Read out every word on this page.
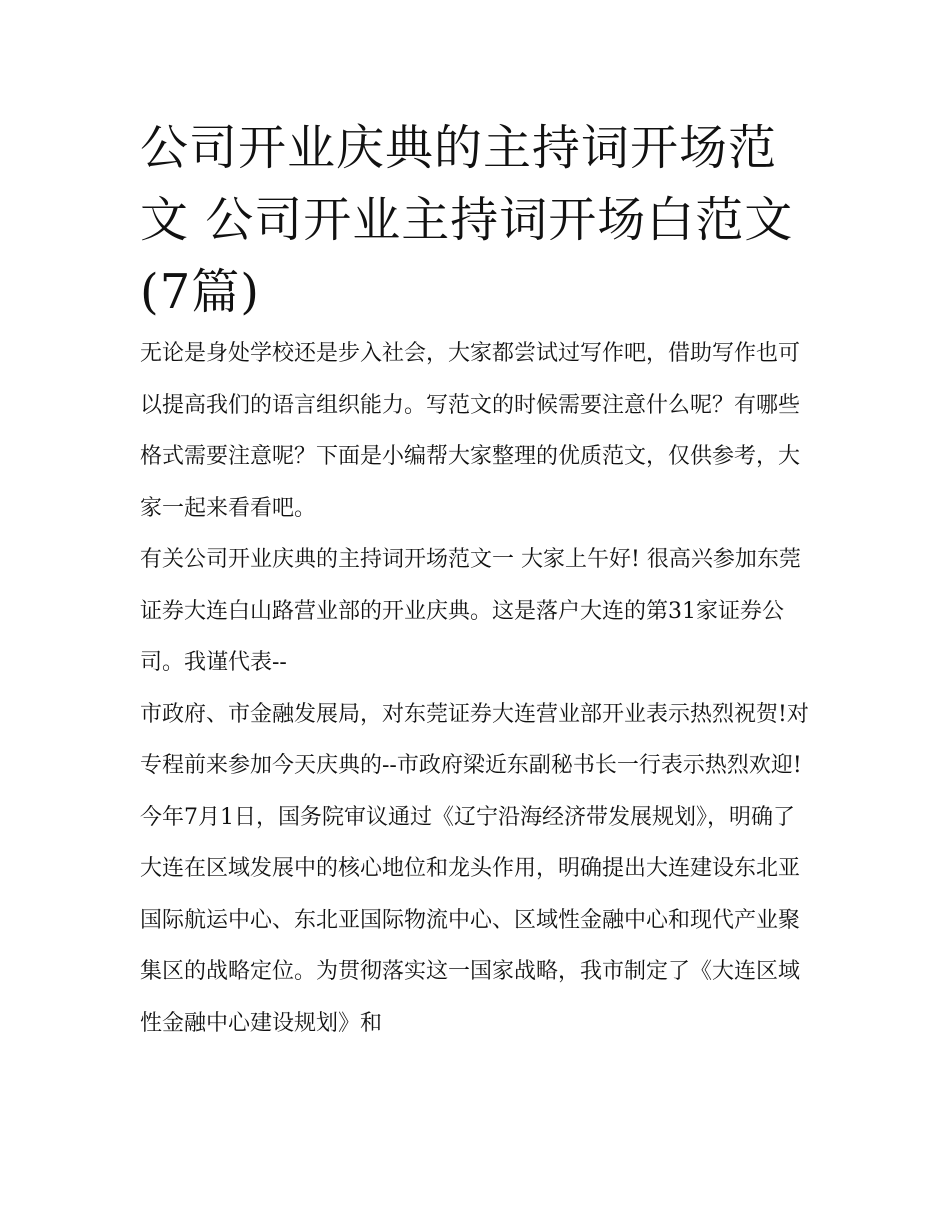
公司开业庆典的主持词开场范文 公司开业主持词开场白范文(7篇)

无论是身处学校还是步入社会，大家都尝试过写作吧，借助写作也可以提高我们的语言组织能力。写范文的时候需要注意什么呢？有哪些格式需要注意呢？下面是小编帮大家整理的优质范文，仅供参考，大家一起来看看吧。

有关公司开业庆典的主持词开场范文一 大家上午好! 很高兴参加东莞证券大连白山路营业部的开业庆典。这是落户大连的第31家证券公司。我谨代表--

市政府、市金融发展局，对东莞证券大连营业部开业表示热烈祝贺!对专程前来参加今天庆典的--市政府梁近东副秘书长一行表示热烈欢迎!

今年7月1日，国务院审议通过《辽宁沿海经济带发展规划》，明确了大连在区域发展中的核心地位和龙头作用，明确提出大连建设东北亚国际航运中心、东北亚国际物流中心、区域性金融中心和现代产业聚集区的战略定位。为贯彻落实这一国家战略，我市制定了《大连区域性金融中心建设规划》和
